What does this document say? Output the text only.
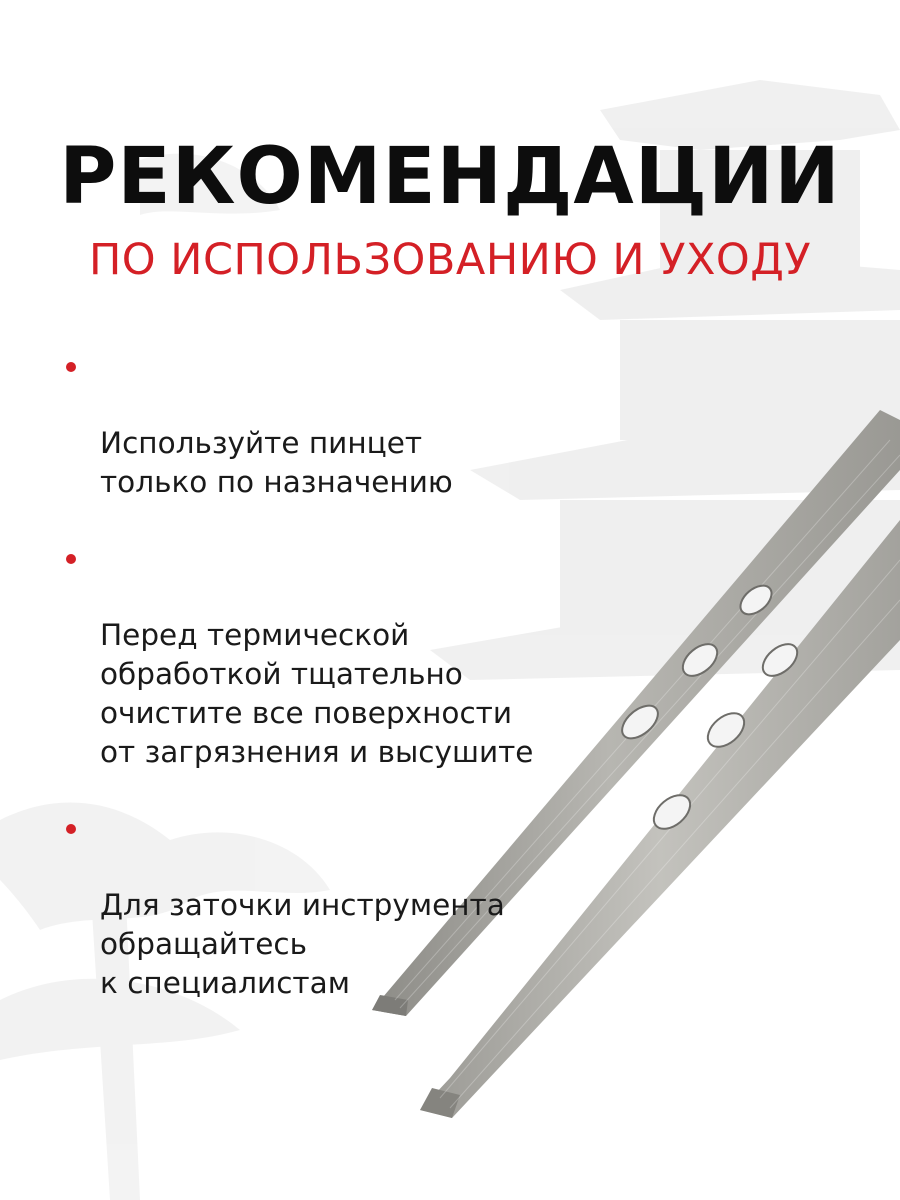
РЕКОМЕНДАЦИИ
ПО ИСПОЛЬЗОВАНИЮ И УХОДУ

Используйте пинцет
только по назначению

Перед термической
обработкой тщательно
очистите все поверхности
от загрязнения и высушите

Для заточки инструмента
обращайтесь
к специалистам
